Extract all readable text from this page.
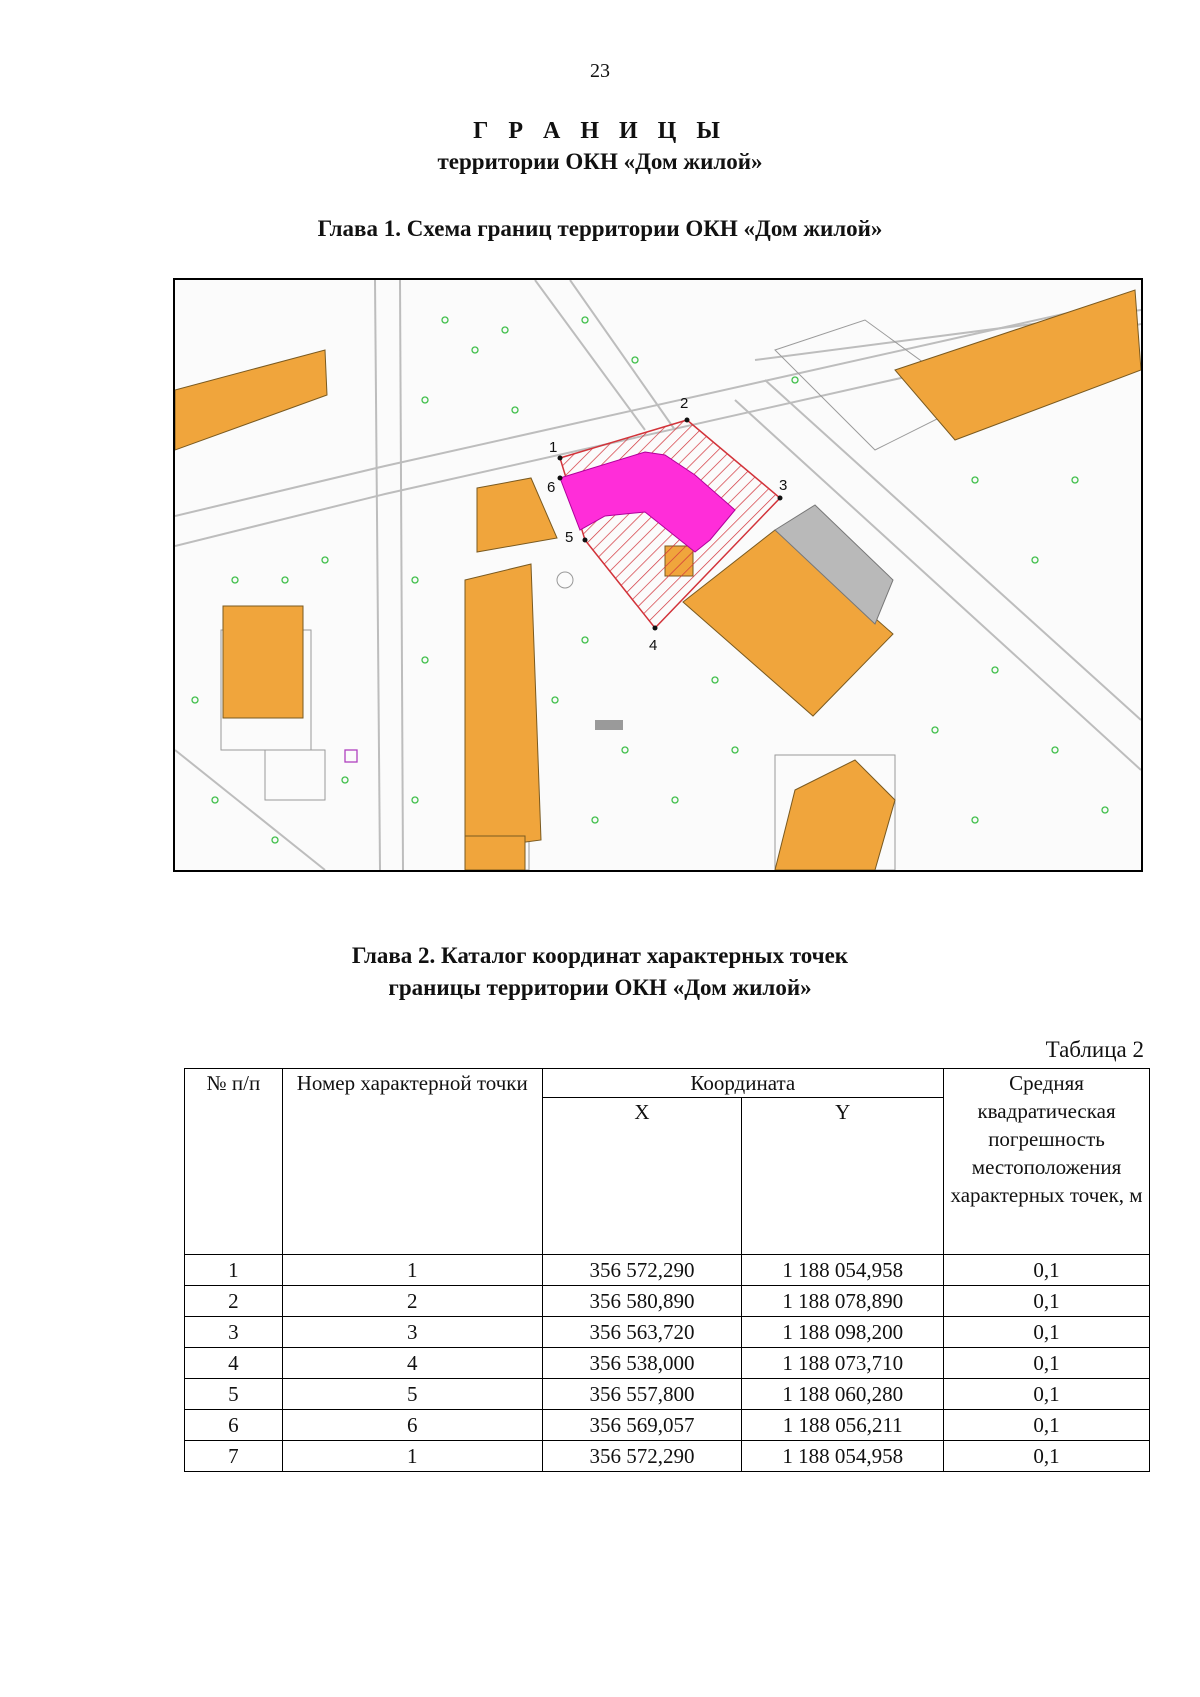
23
Г Р А Н И Ц Ы
территории ОКН «Дом жилой»
Глава 1. Схема границ территории ОКН «Дом жилой»
1
2
3
4
5
6
Глава 2. Каталог координат характерных точек
границы территории ОКН «Дом жилой»
Таблица 2
№ п/п	Номер характерной точки	Координата		Средняя квадратическая погрешность местоположения характерных точек, м
		X	Y	
1	1	356 572,290	1 188 054,958	0,1
2	2	356 580,890	1 188 078,890	0,1
3	3	356 563,720	1 188 098,200	0,1
4	4	356 538,000	1 188 073,710	0,1
5	5	356 557,800	1 188 060,280	0,1
6	6	356 569,057	1 188 056,211	0,1
7	1	356 572,290	1 188 054,958	0,1
